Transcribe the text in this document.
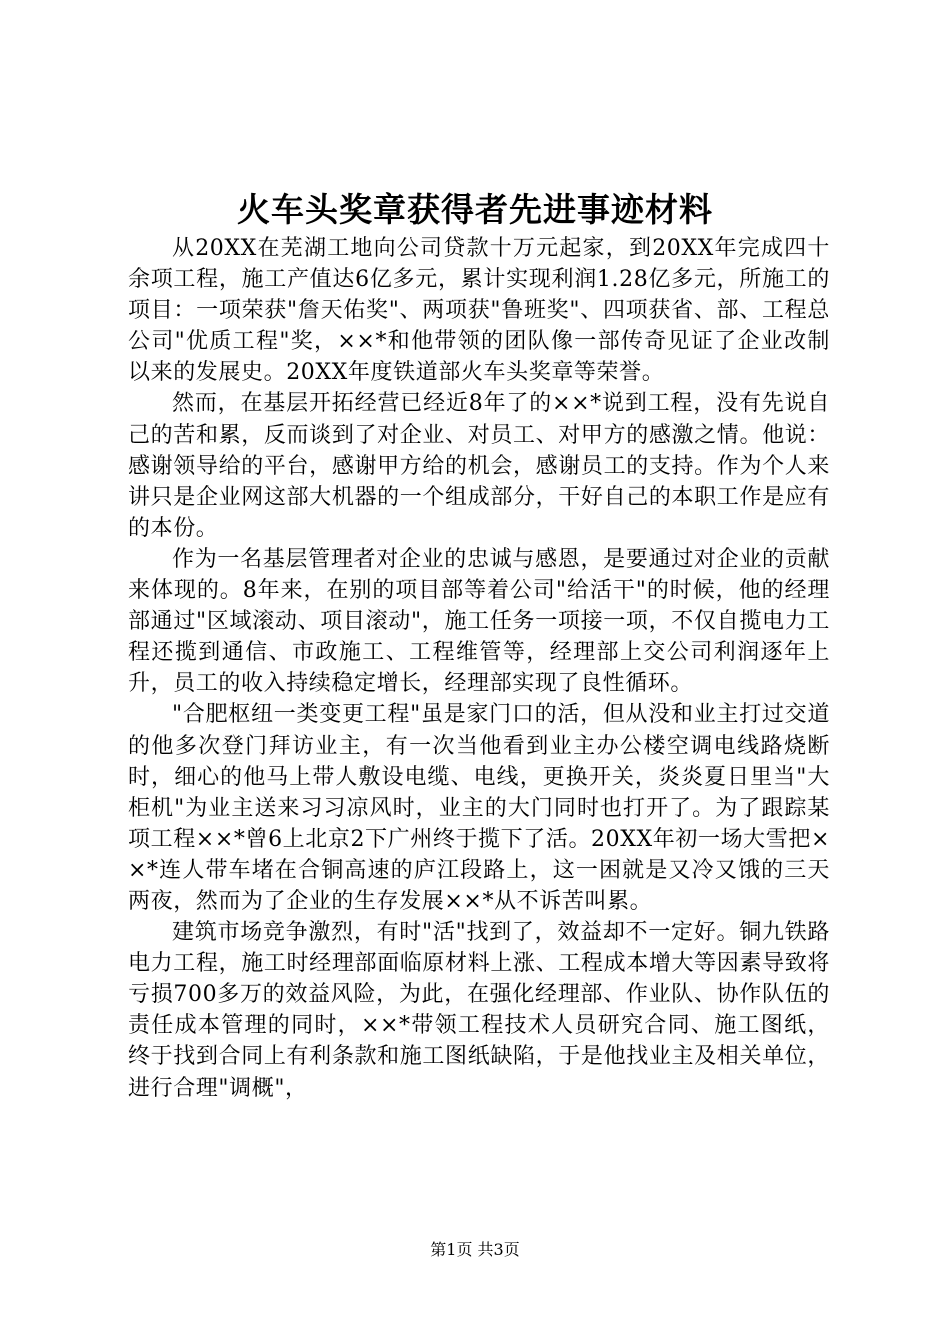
火车头奖章获得者先进事迹材料

从20XX在芜湖工地向公司贷款十万元起家，到20XX年完成四十余项工程，施工产值达6亿多元，累计实现利润1.28亿多元，所施工的项目：一项荣获"詹天佑奖"、两项获"鲁班奖"、四项获省、部、工程总公司"优质工程"奖，××*和他带领的团队像一部传奇见证了企业改制以来的发展史。20XX年度铁道部火车头奖章等荣誉。

然而，在基层开拓经营已经近8年了的××*说到工程，没有先说自己的苦和累，反而谈到了对企业、对员工、对甲方的感激之情。他说：感谢领导给的平台，感谢甲方给的机会，感谢员工的支持。作为个人来讲只是企业网这部大机器的一个组成部分，干好自己的本职工作是应有的本份。

作为一名基层管理者对企业的忠诚与感恩，是要通过对企业的贡献来体现的。8年来，在别的项目部等着公司"给活干"的时候，他的经理部通过"区域滚动、项目滚动"，施工任务一项接一项，不仅自揽电力工程还揽到通信、市政施工、工程维管等，经理部上交公司利润逐年上升，员工的收入持续稳定增长，经理部实现了良性循环。

"合肥枢纽一类变更工程"虽是家门口的活，但从没和业主打过交道的他多次登门拜访业主，有一次当他看到业主办公楼空调电线路烧断时，细心的他马上带人敷设电缆、电线，更换开关，炎炎夏日里当"大柜机"为业主送来习习凉风时，业主的大门同时也打开了。为了跟踪某项工程××*曾6上北京2下广州终于揽下了活。20XX年初一场大雪把××*连人带车堵在合铜高速的庐江段路上，这一困就是又冷又饿的三天两夜，然而为了企业的生存发展××*从不诉苦叫累。

建筑市场竞争激烈，有时"活"找到了，效益却不一定好。铜九铁路电力工程，施工时经理部面临原材料上涨、工程成本增大等因素导致将亏损700多万的效益风险，为此，在强化经理部、作业队、协作队伍的责任成本管理的同时，××*带领工程技术人员研究合同、施工图纸，终于找到合同上有利条款和施工图纸缺陷，于是他找业主及相关单位，进行合理"调概"，

第1页 共3页
